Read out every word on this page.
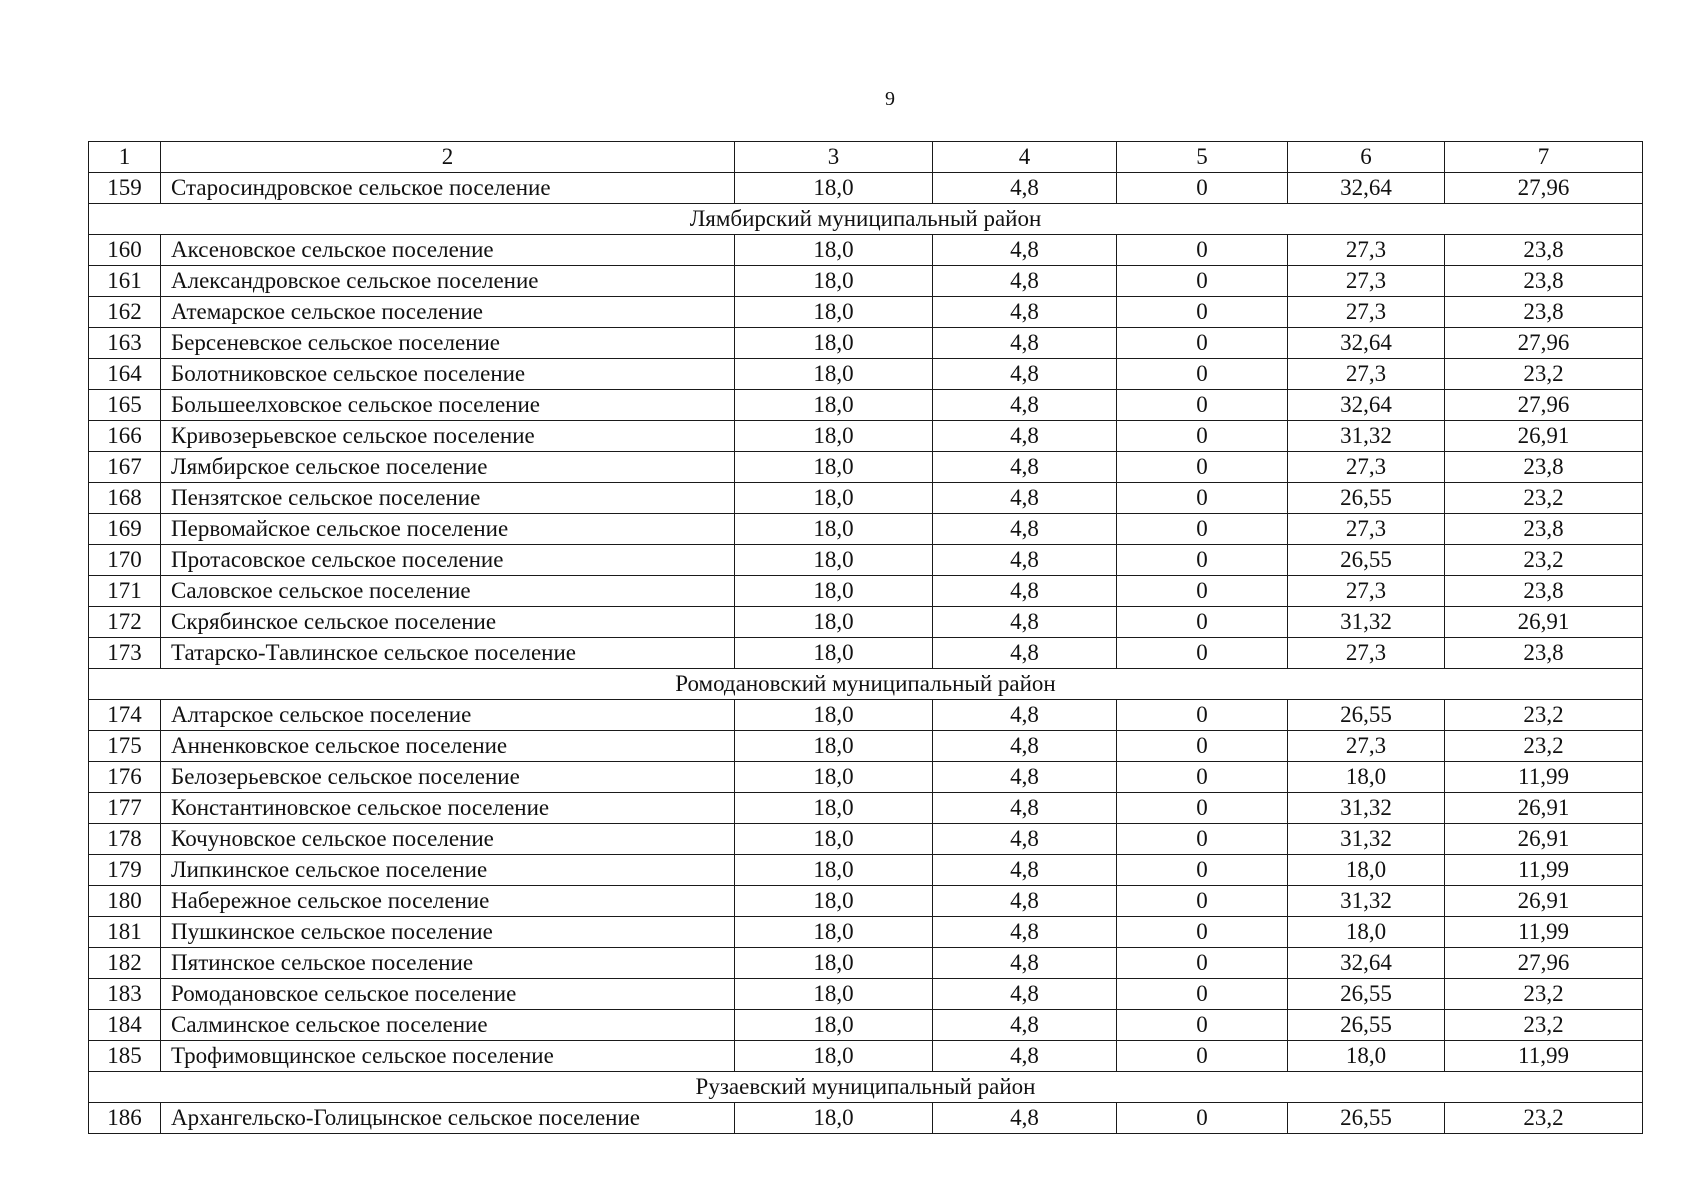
9
1	2	3	4	5	6	7
159	Старосиндровское сельское поселение	18,0	4,8	0	32,64	27,96
Лямбирский муниципальный район						
160	Аксеновское сельское поселение	18,0	4,8	0	27,3	23,8
161	Александровское сельское поселение	18,0	4,8	0	27,3	23,8
162	Атемарское сельское поселение	18,0	4,8	0	27,3	23,8
163	Берсеневское сельское поселение	18,0	4,8	0	32,64	27,96
164	Болотниковское сельское поселение	18,0	4,8	0	27,3	23,2
165	Большеелховское сельское поселение	18,0	4,8	0	32,64	27,96
166	Кривозерьевское сельское поселение	18,0	4,8	0	31,32	26,91
167	Лямбирское сельское поселение	18,0	4,8	0	27,3	23,8
168	Пензятское сельское поселение	18,0	4,8	0	26,55	23,2
169	Первомайское сельское поселение	18,0	4,8	0	27,3	23,8
170	Протасовское сельское поселение	18,0	4,8	0	26,55	23,2
171	Саловское сельское поселение	18,0	4,8	0	27,3	23,8
172	Скрябинское сельское поселение	18,0	4,8	0	31,32	26,91
173	Татарско-Тавлинское сельское поселение	18,0	4,8	0	27,3	23,8
Ромодановский муниципальный район						
174	Алтарское сельское поселение	18,0	4,8	0	26,55	23,2
175	Анненковское сельское поселение	18,0	4,8	0	27,3	23,2
176	Белозерьевское сельское поселение	18,0	4,8	0	18,0	11,99
177	Константиновское сельское поселение	18,0	4,8	0	31,32	26,91
178	Кочуновское сельское поселение	18,0	4,8	0	31,32	26,91
179	Липкинское сельское поселение	18,0	4,8	0	18,0	11,99
180	Набережное сельское поселение	18,0	4,8	0	31,32	26,91
181	Пушкинское сельское поселение	18,0	4,8	0	18,0	11,99
182	Пятинское сельское поселение	18,0	4,8	0	32,64	27,96
183	Ромодановское сельское поселение	18,0	4,8	0	26,55	23,2
184	Салминское сельское поселение	18,0	4,8	0	26,55	23,2
185	Трофимовщинское сельское поселение	18,0	4,8	0	18,0	11,99
Рузаевский муниципальный район						
186	Архангельско-Голицынское сельское поселение	18,0	4,8	0	26,55	23,2
